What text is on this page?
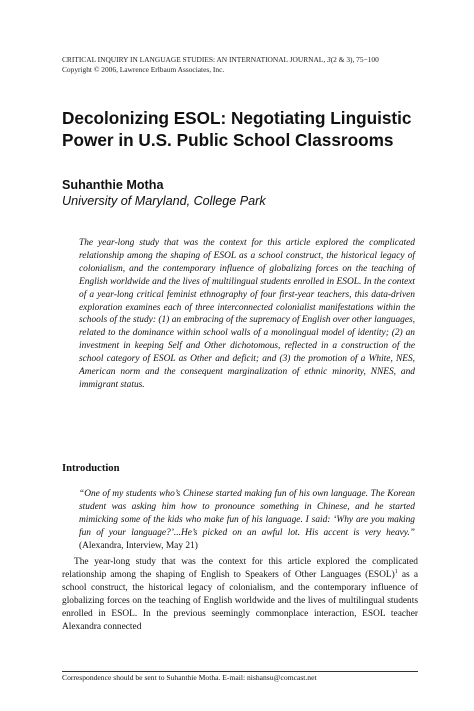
CRITICAL INQUIRY IN LANGUAGE STUDIES: AN INTERNATIONAL JOURNAL, 3(2 & 3), 75−100
Copyright © 2006, Lawrence Erlbaum Associates, Inc.
Decolonizing ESOL: Negotiating Linguistic Power in U.S. Public School Classrooms
Suhanthie Motha
University of Maryland, College Park

The year-long study that was the context for this article explored the complicated relationship among the shaping of ESOL as a school construct, the historical legacy of colonialism, and the contemporary influence of globalizing forces on the teaching of English worldwide and the lives of multilingual students enrolled in ESOL. In the context of a year-long critical feminist ethnography of four first-year teachers, this data-driven exploration examines each of three interconnected colonialist manifestations within the schools of the study: (1) an embracing of the supremacy of English over other languages, related to the dominance within school walls of a monolingual model of identity; (2) an investment in keeping Self and Other dichotomous, reflected in a construction of the school category of ESOL as Other and deficit; and (3) the promotion of a White, NES, American norm and the consequent marginalization of ethnic minority, NNES, and immigrant status.

Introduction

“One of my students who’s Chinese started making fun of his own language. The Korean student was asking him how to pronounce something in Chinese, and he started mimicking some of the kids who make fun of his language. I said: ‘Why are you making fun of your language?’...He’s picked on an awful lot. His accent is very heavy.” (Alexandra, Interview, May 21)

The year-long study that was the context for this article explored the complicated relationship among the shaping of English to Speakers of Other Languages (ESOL)$^1$ as a school construct, the historical legacy of colonialism, and the contemporary influence of globalizing forces on the teaching of English worldwide and the lives of multilingual students enrolled in ESOL. In the previous seemingly commonplace interaction, ESOL teacher Alexandra connected

Correspondence should be sent to Suhanthie Motha. E-mail: nishansu@comcast.net
